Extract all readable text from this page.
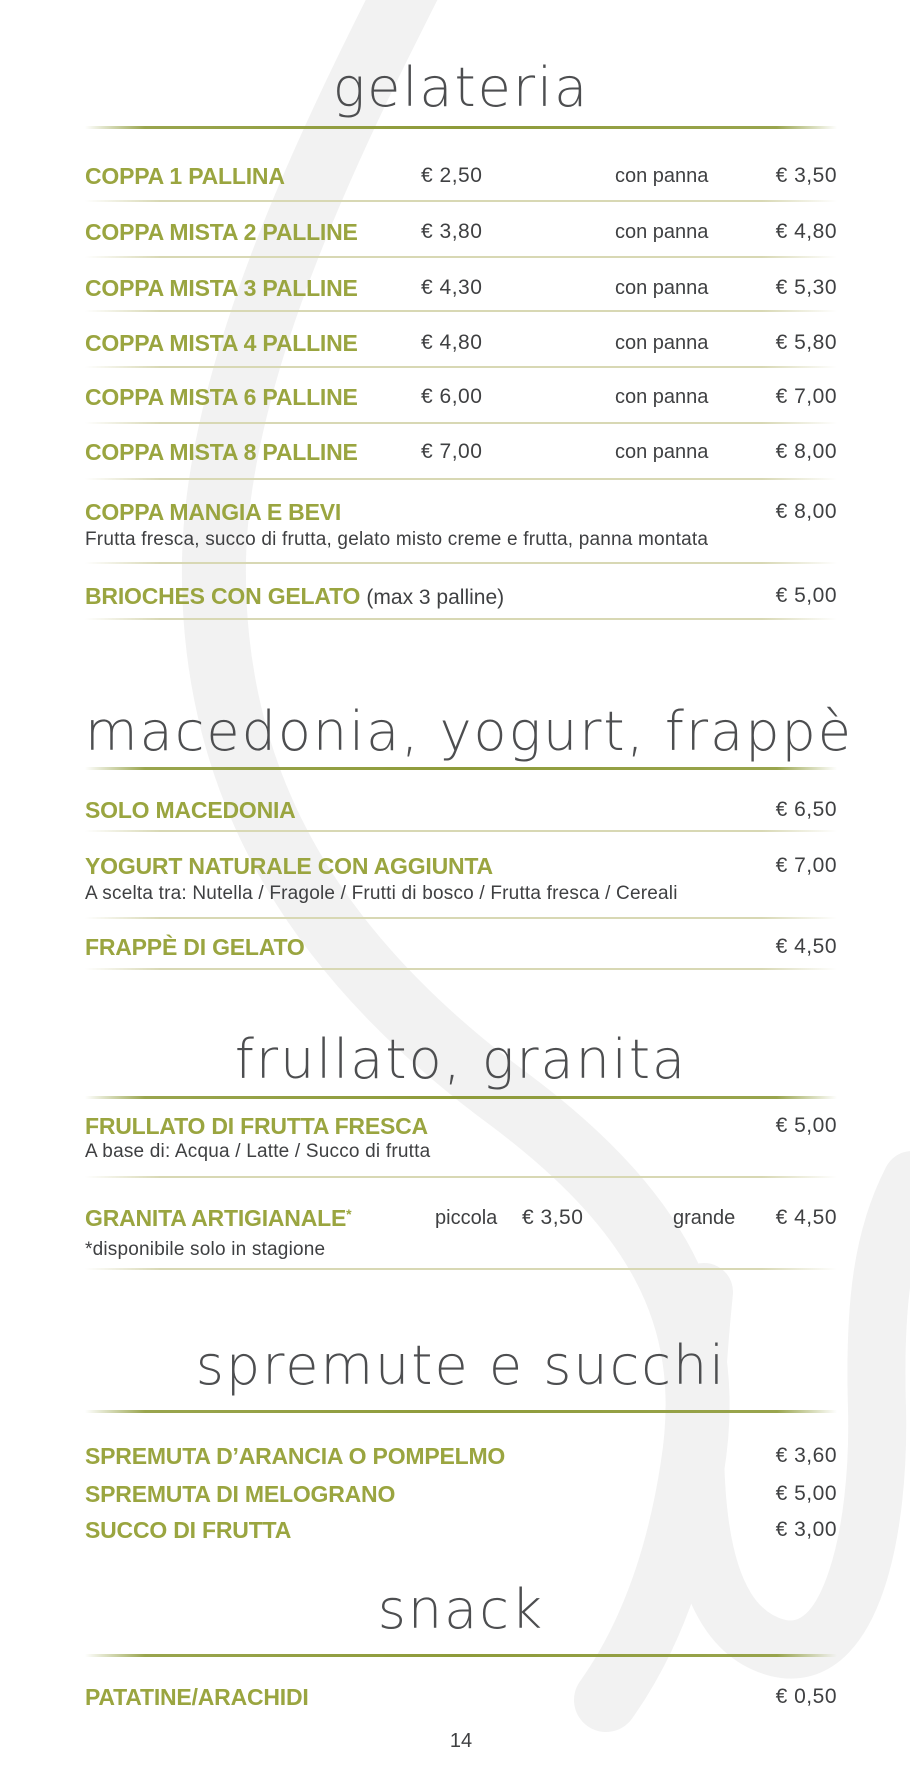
gelateria
COPPA 1 PALLINA	€ 2,50	con panna	€ 3,50
COPPA MISTA 2 PALLINE	€ 3,80	con panna	€ 4,80
COPPA MISTA 3 PALLINE	€ 4,30	con panna	€ 5,30
COPPA MISTA 4 PALLINE	€ 4,80	con panna	€ 5,80
COPPA MISTA 6 PALLINE	€ 6,00	con panna	€ 7,00
COPPA MISTA 8 PALLINE	€ 7,00	con panna	€ 8,00
COPPA MANGIA E BEVI	€ 8,00
Frutta fresca, succo di frutta, gelato misto creme e frutta, panna montata
BRIOCHES CON GELATO (max 3 palline)	€ 5,00
macedonia, yogurt, frappè
SOLO MACEDONIA	€ 6,50
YOGURT NATURALE CON AGGIUNTA	€ 7,00
A scelta tra: Nutella / Fragole / Frutti di bosco / Frutta fresca / Cereali
FRAPPÈ DI GELATO	€ 4,50
frullato, granita
FRULLATO DI FRUTTA FRESCA	€ 5,00
A base di: Acqua / Latte / Succo di frutta
GRANITA ARTIGIANALE*	piccola € 3,50	grande € 4,50
*disponibile solo in stagione
spremute e succhi
SPREMUTA D’ARANCIA O POMPELMO	€ 3,60
SPREMUTA DI MELOGRANO	€ 5,00
SUCCO DI FRUTTA	€ 3,00
snack
PATATINE/ARACHIDI	€ 0,50
14
